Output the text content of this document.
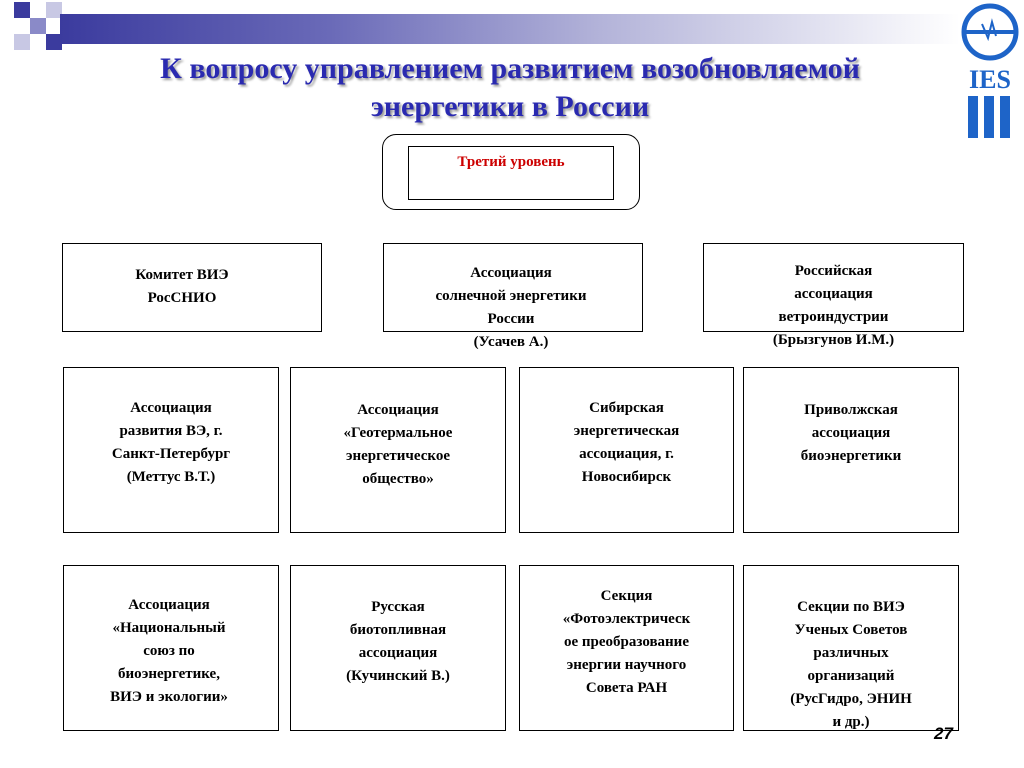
К вопросу управлением развитием возобновляемой энергетики в России
IES
Третий уровень
Комитет ВИЭ
РосСНИО
Ассоциация
солнечной энергетики
России
(Усачев А.)
Российская
ассоциация
ветроиндустрии
(Брызгунов И.М.)
Ассоциация
развития ВЭ, г.
Санкт-Петербург
(Меттус В.Т.)
Ассоциация
«Геотермальное
энергетическое
общество»
Сибирская
энергетическая
ассоциация, г.
Новосибирск
Приволжская
ассоциация
биоэнергетики
Ассоциация
«Национальный
союз по
биоэнергетике,
ВИЭ и экологии»
Русская
биотопливная
ассоциация
(Кучинский В.)
Секция
«Фотоэлектрическ
ое преобразование
энергии научного
Совета РАН
Секции по ВИЭ
Ученых Советов
различных
организаций
(РусГидро, ЭНИН
и др.)
27
